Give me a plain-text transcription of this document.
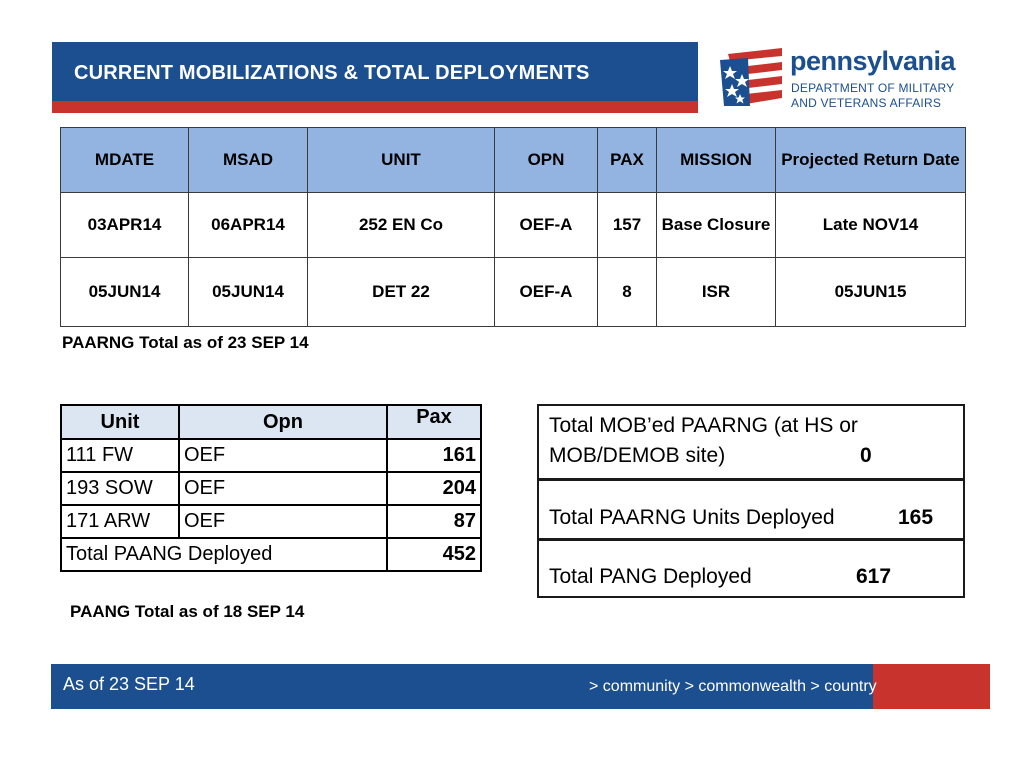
CURRENT MOBILIZATIONS & TOTAL DEPLOYMENTS	pennsylvania
DEPARTMENT OF MILITARY
AND VETERANS AFFAIRS
MDATE	MSAD	UNIT	OPN	PAX	MISSION	Projected Return Date
03APR14	06APR14	252 EN Co	OEF-A	157	Base Closure	Late NOV14
05JUN14	05JUN14	DET 22	OEF-A	8	ISR	05JUN15
PAARNG Total as of 23 SEP 14
Unit	Opn	Pax
111 FW	OEF	161
193 SOW	OEF	204
171 ARW	OEF	87
Total PAANG Deployed		452
PAANG Total as of 18 SEP 14
Total MOB’ed PAARNG (at HS or
MOB/DEMOB site)	0
Total PAARNG Units Deployed	165
Total PANG Deployed	617
As of 23 SEP 14	> community > commonwealth > country
